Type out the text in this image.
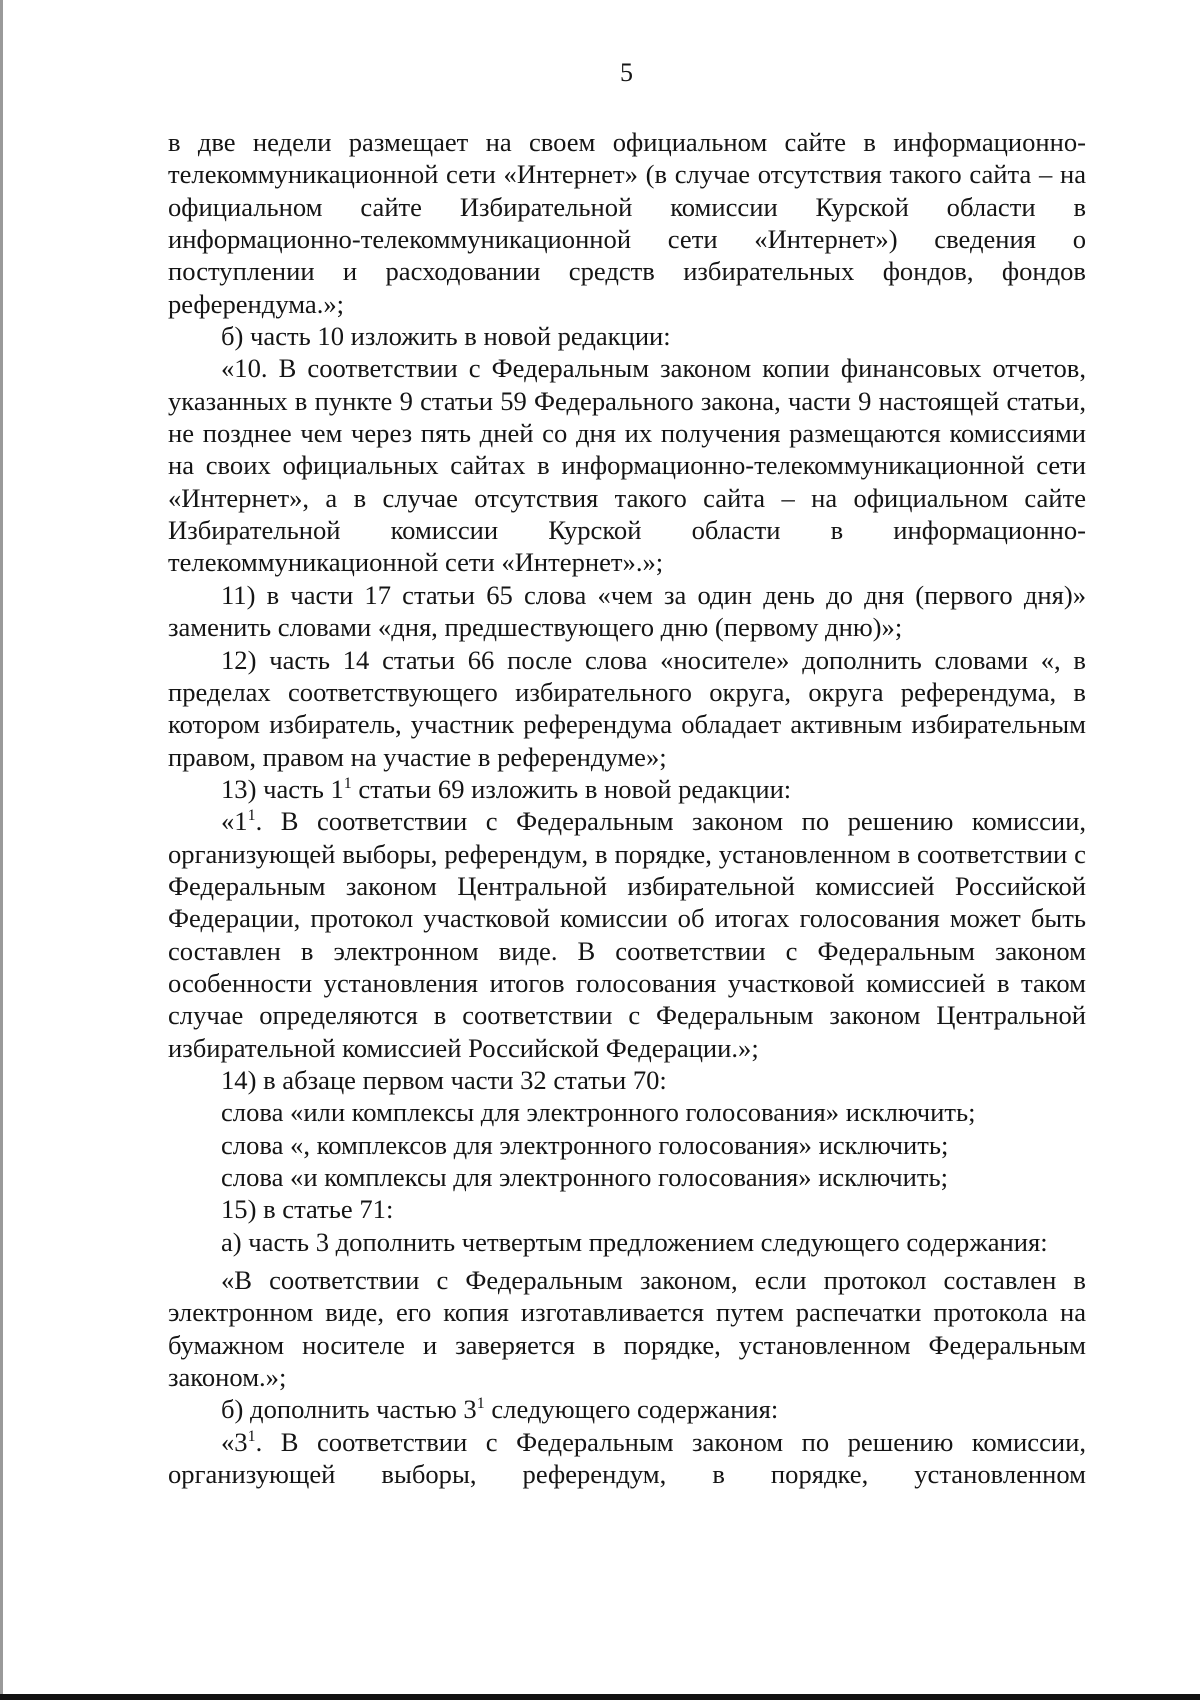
5

в две недели размещает на своем официальном сайте в информационно-телекоммуникационной сети «Интернет» (в случае отсутствия такого сайта – на официальном сайте Избирательной комиссии Курской области в информационно-телекоммуникационной сети «Интернет») сведения о поступлении и расходовании средств избирательных фондов, фондов референдума.»;

б) часть 10 изложить в новой редакции:

«10. В соответствии с Федеральным законом копии финансовых отчетов, указанных в пункте 9 статьи 59 Федерального закона, части 9 настоящей статьи, не позднее чем через пять дней со дня их получения размещаются комиссиями на своих официальных сайтах в информационно-телекоммуникационной сети «Интернет», а в случае отсутствия такого сайта – на официальном сайте Избирательной комиссии Курской области в информационно-телекоммуникационной сети «Интернет».»;

11) в части 17 статьи 65 слова «чем за один день до дня (первого дня)» заменить словами «дня, предшествующего дню (первому дню)»;

12) часть 14 статьи 66 после слова «носителе» дополнить словами «, в пределах соответствующего избирательного округа, округа референдума, в котором избиратель, участник референдума обладает активным избирательным правом, правом на участие в референдуме»;

13) часть $1^1$ статьи 69 изложить в новой редакции:

«$1^1$. В соответствии с Федеральным законом по решению комиссии, организующей выборы, референдум, в порядке, установленном в соответствии с Федеральным законом Центральной избирательной комиссией Российской Федерации, протокол участковой комиссии об итогах голосования может быть составлен в электронном виде. В соответствии с Федеральным законом особенности установления итогов голосования участковой комиссией в таком случае определяются в соответствии с Федеральным законом Центральной избирательной комиссией Российской Федерации.»;

14) в абзаце первом части 32 статьи 70:

слова «или комплексы для электронного голосования» исключить;

слова «, комплексов для электронного голосования» исключить;

слова «и комплексы для электронного голосования» исключить;

15) в статье 71:

а) часть 3 дополнить четвертым предложением следующего содержания:

«В соответствии с Федеральным законом, если протокол составлен в электронном виде, его копия изготавливается путем распечатки протокола на бумажном носителе и заверяется в порядке, установленном Федеральным законом.»;

б) дополнить частью $3^1$ следующего содержания:

«$3^1$. В соответствии с Федеральным законом по решению комиссии, организующей выборы, референдум, в порядке, установленном
